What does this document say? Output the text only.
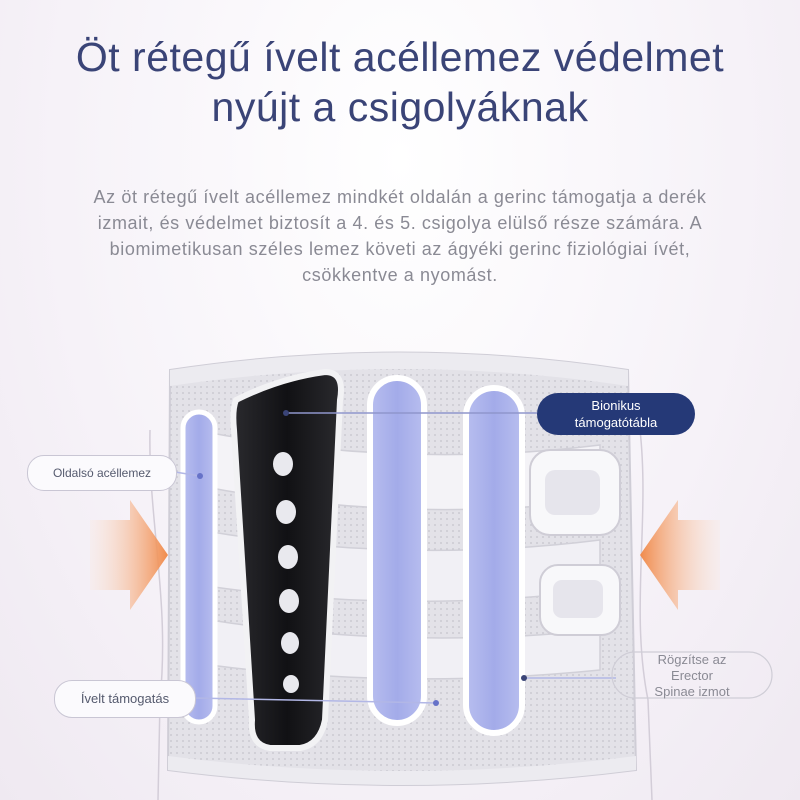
Öt rétegű ívelt acéllemez védelmet
nyújt a csigolyáknak
Az öt rétegű ívelt acéllemez mindkét oldalán a gerinc támogatja a derék
izmait, és védelmet biztosít a 4. és 5. csigolya elülső része számára. A
biomimetikusan széles lemez követi az ágyéki gerinc fiziológiai ívét,
csökkentve a nyomást.
Oldalsó acéllemez
Ívelt támogatás
Bionikus
támogatótábla
Rögzítse az
Erector
Spinae izmot
